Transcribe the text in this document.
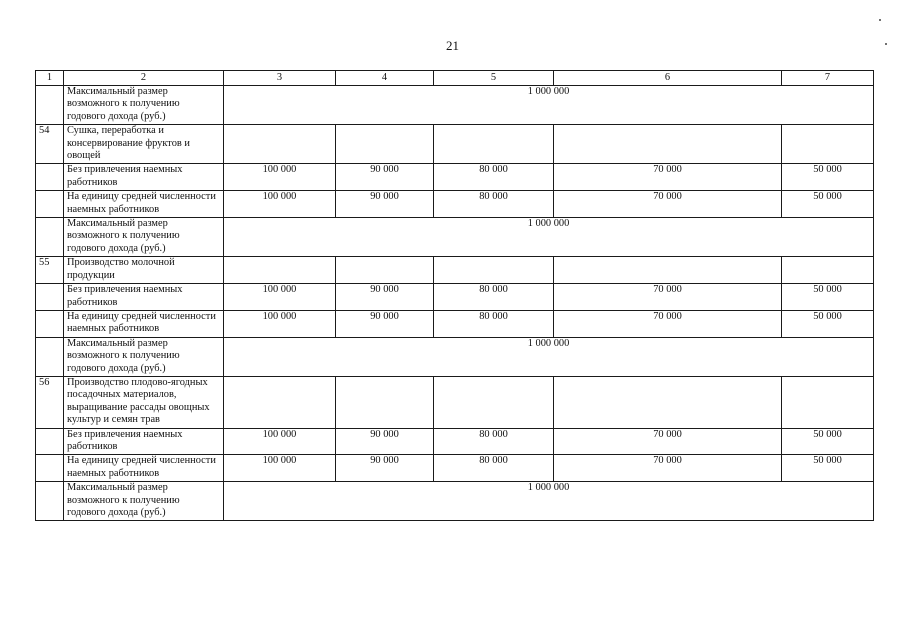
21
1	2	3	4	5	6	7
	Максимальный размер возможного к получению годового дохода (руб.)	1 000 000				
54	Сушка, переработка и консервирование фруктов и овощей					
	Без привлечения наемных работников	100 000	90 000	80 000	70 000	50 000
	На единицу средней численности наемных работников	100 000	90 000	80 000	70 000	50 000
	Максимальный размер возможного к получению годового дохода (руб.)	1 000 000				
55	Производство молочной продукции					
	Без привлечения наемных работников	100 000	90 000	80 000	70 000	50 000
	На единицу средней численности наемных работников	100 000	90 000	80 000	70 000	50 000
	Максимальный размер возможного к получению годового дохода (руб.)	1 000 000				
56	Производство плодово-ягодных посадочных материалов, выращивание рассады овощных культур и семян трав					
	Без привлечения наемных работников	100 000	90 000	80 000	70 000	50 000
	На единицу средней численности наемных работников	100 000	90 000	80 000	70 000	50 000
	Максимальный размер возможного к получению годового дохода (руб.)	1 000 000				
